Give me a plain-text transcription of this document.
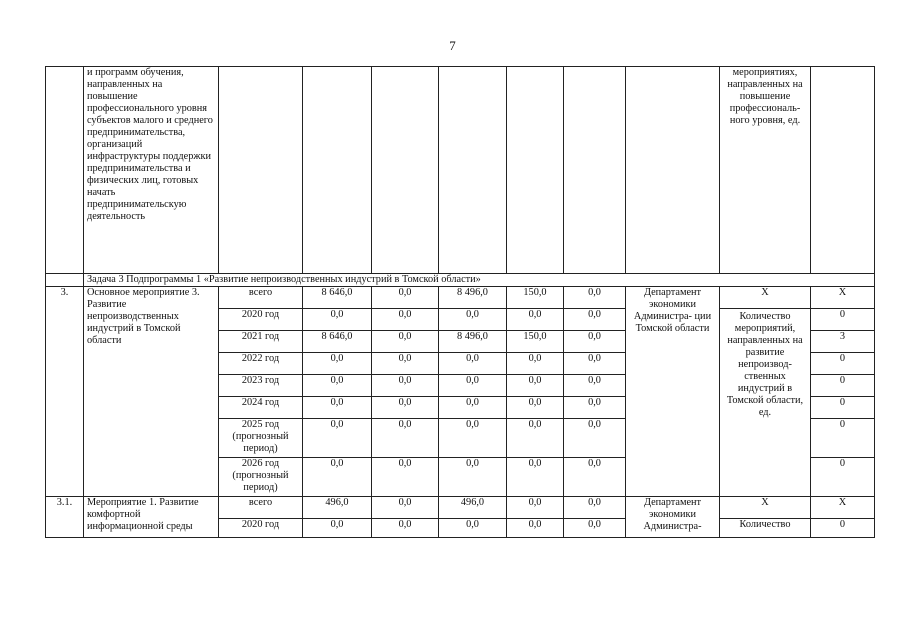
7
	и программ обучения, направленных на повышение профессионального уровня субъектов малого и среднего предпринимательства, организаций инфраструктуры поддержки предпринимательства и физических лиц, готовых начать предпринимательскую деятельность								мероприятиях, направленных на повышение профессиональ- ного уровня, ед.	
	Задача 3 Подпрограммы 1 «Развитие непроизводственных индустрий в Томской области»									
3.	Основное мероприятие 3. Развитие непроизводственных индустрий в Томской области	всего	8 646,0	0,0	8 496,0	150,0	0,0	Департамент экономики Администра- ции Томской области	Х	Х
		2020 год	0,0	0,0	0,0	0,0	0,0		Количество мероприятий, направленных на развитие непроизвод- ственных индустрий в Томской области, ед.	0
		2021 год	8 646,0	0,0	8 496,0	150,0	0,0			3
		2022 год	0,0	0,0	0,0	0,0	0,0			0
		2023 год	0,0	0,0	0,0	0,0	0,0			0
		2024 год	0,0	0,0	0,0	0,0	0,0			0
		2025 год (прогнозный период)	0,0	0,0	0,0	0,0	0,0			0
		2026 год (прогнозный период)	0,0	0,0	0,0	0,0	0,0			0
3.1.	Мероприятие 1. Развитие комфортной информационной среды	всего	496,0	0,0	496,0	0,0	0,0	Департамент экономики Администра-	Х	Х
		2020 год	0,0	0,0	0,0	0,0	0,0		Количество	0
